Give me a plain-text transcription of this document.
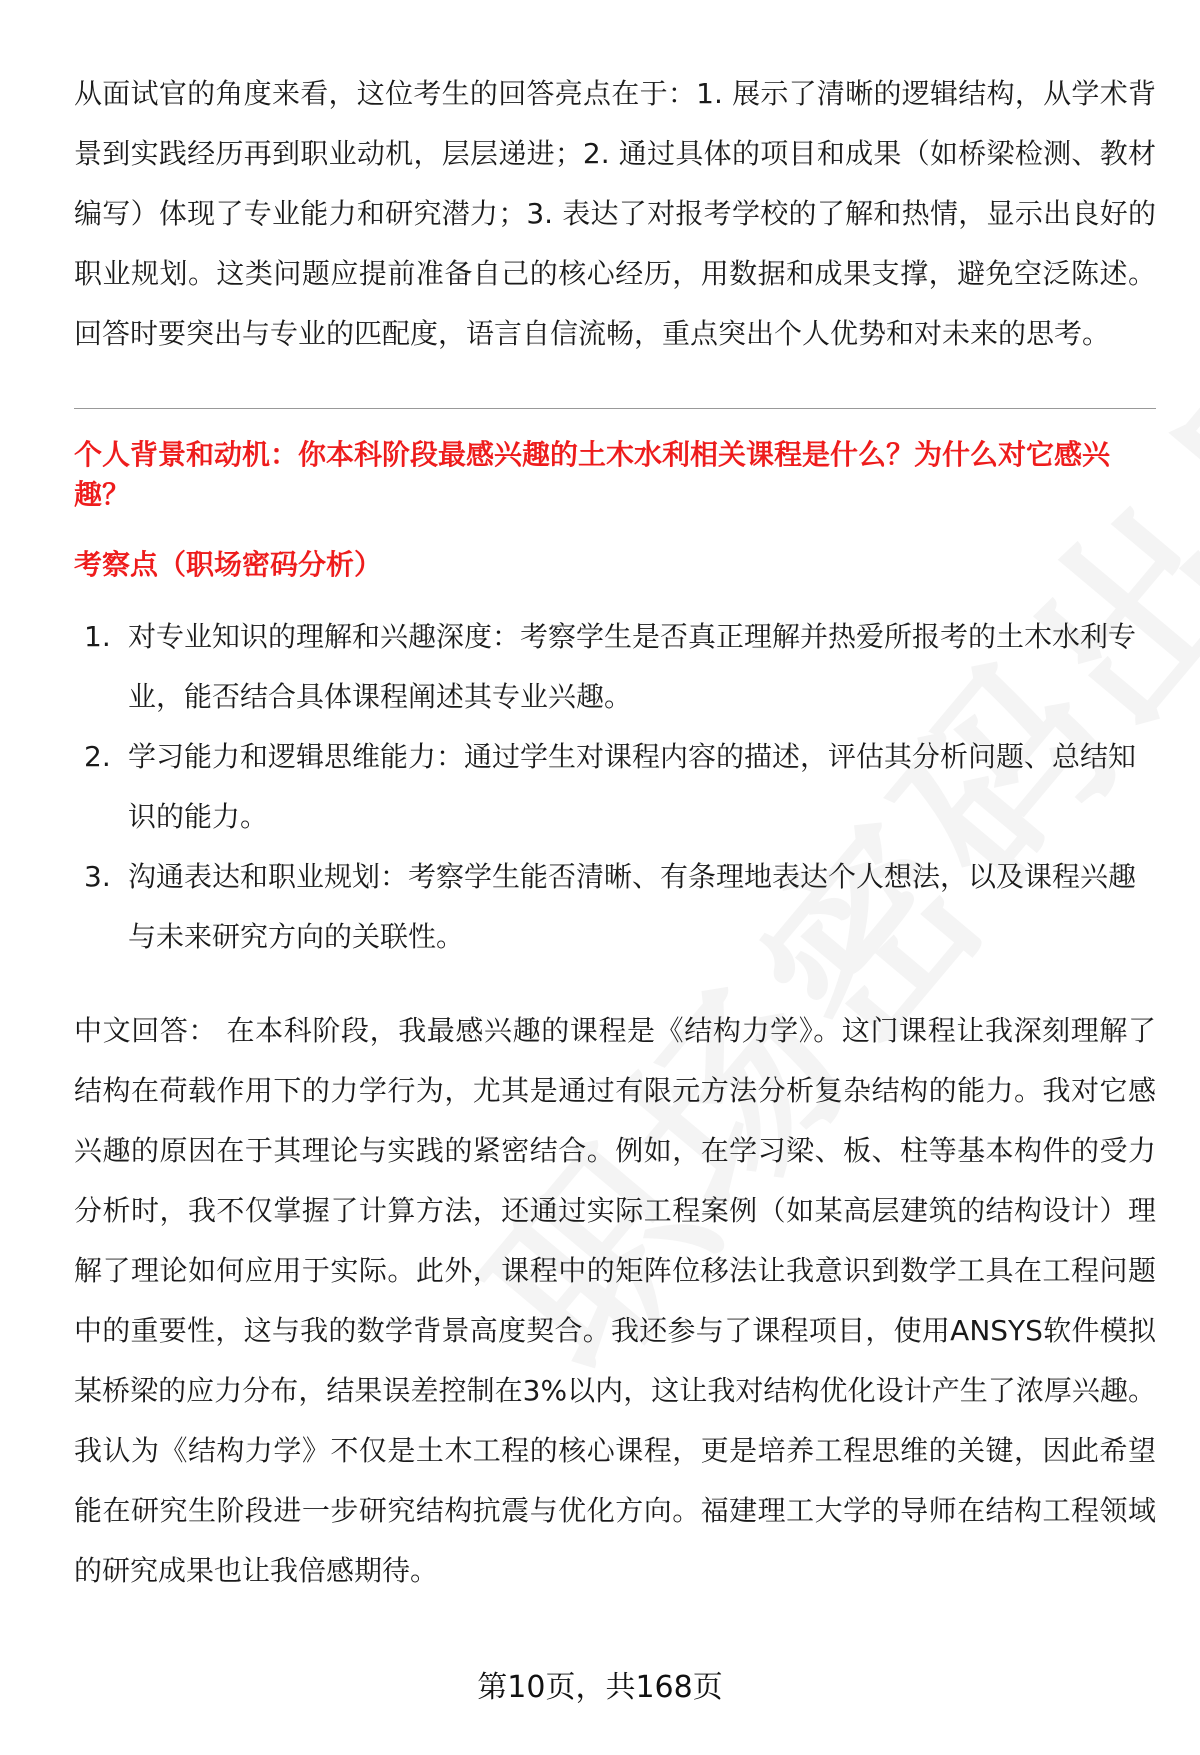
从面试官的角度来看，这位考生的回答亮点在于：1. 展示了清晰的逻辑结构，从学术背景到实践经历再到职业动机，层层递进；2. 通过具体的项目和成果（如桥梁检测、教材编写）体现了专业能力和研究潜力；3. 表达了对报考学校的了解和热情，显示出良好的职业规划。这类问题应提前准备自己的核心经历，用数据和成果支撑，避免空泛陈述。回答时要突出与专业的匹配度，语言自信流畅，重点突出个人优势和对未来的思考。

个人背景和动机：你本科阶段最感兴趣的土木水利相关课程是什么？为什么对它感兴趣？
考察点（职场密码分析）
1. 对专业知识的理解和兴趣深度：考察学生是否真正理解并热爱所报考的土木水利专业，能否结合具体课程阐述其专业兴趣。
2. 学习能力和逻辑思维能力：通过学生对课程内容的描述，评估其分析问题、总结知识的能力。
3. 沟通表达和职业规划：考察学生能否清晰、有条理地表达个人想法，以及课程兴趣与未来研究方向的关联性。

中文回答： 在本科阶段，我最感兴趣的课程是《结构力学》。这门课程让我深刻理解了结构在荷载作用下的力学行为，尤其是通过有限元方法分析复杂结构的能力。我对它感兴趣的原因在于其理论与实践的紧密结合。例如，在学习梁、板、柱等基本构件的受力分析时，我不仅掌握了计算方法，还通过实际工程案例（如某高层建筑的结构设计）理解了理论如何应用于实际。此外，课程中的矩阵位移法让我意识到数学工具在工程问题中的重要性，这与我的数学背景高度契合。我还参与了课程项目，使用ANSYS软件模拟某桥梁的应力分布，结果误差控制在3%以内，这让我对结构优化设计产生了浓厚兴趣。我认为《结构力学》不仅是土木工程的核心课程，更是培养工程思维的关键，因此希望能在研究生阶段进一步研究结构抗震与优化方向。福建理工大学的导师在结构工程领域的研究成果也让我倍感期待。

第10页，共168页
